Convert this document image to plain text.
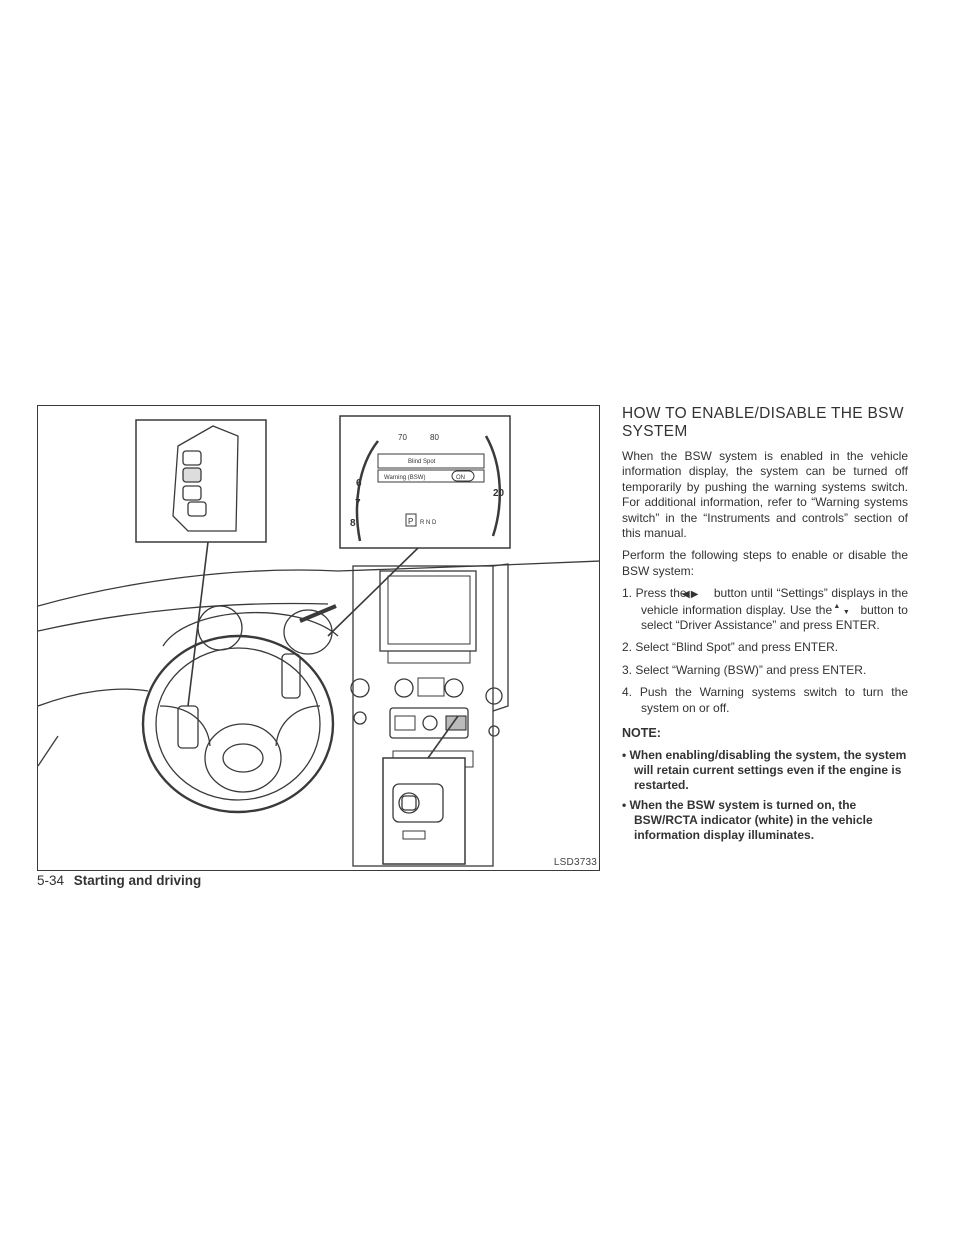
70	80
Blind Spot
Warning (BSW)	ON
P R N D
6
7
8
20
LSD3733
HOW TO ENABLE/DISABLE THE BSW SYSTEM

When the BSW system is enabled in the vehicle information display, the system can be turned off temporarily by pushing the warning systems switch. For additional information, refer to “Warning systems switch” in the “Instruments and controls” section of this manual.

Perform the following steps to enable or disable the BSW system:

1. Press the ◀▶ button until “Settings” displays in the vehicle information display. Use the ▲
▼ button to select “Driver Assistance” and press ENTER.

2. Select “Blind Spot” and press ENTER.

3. Select “Warning (BSW)” and press ENTER.

4. Push the Warning systems switch to turn the system on or off.

NOTE:

• When enabling/disabling the system, the system will retain current settings even if the engine is restarted.

• When the BSW system is turned on, the BSW/RCTA indicator (white) in the vehicle information display illuminates.

5-34 Starting and driving
